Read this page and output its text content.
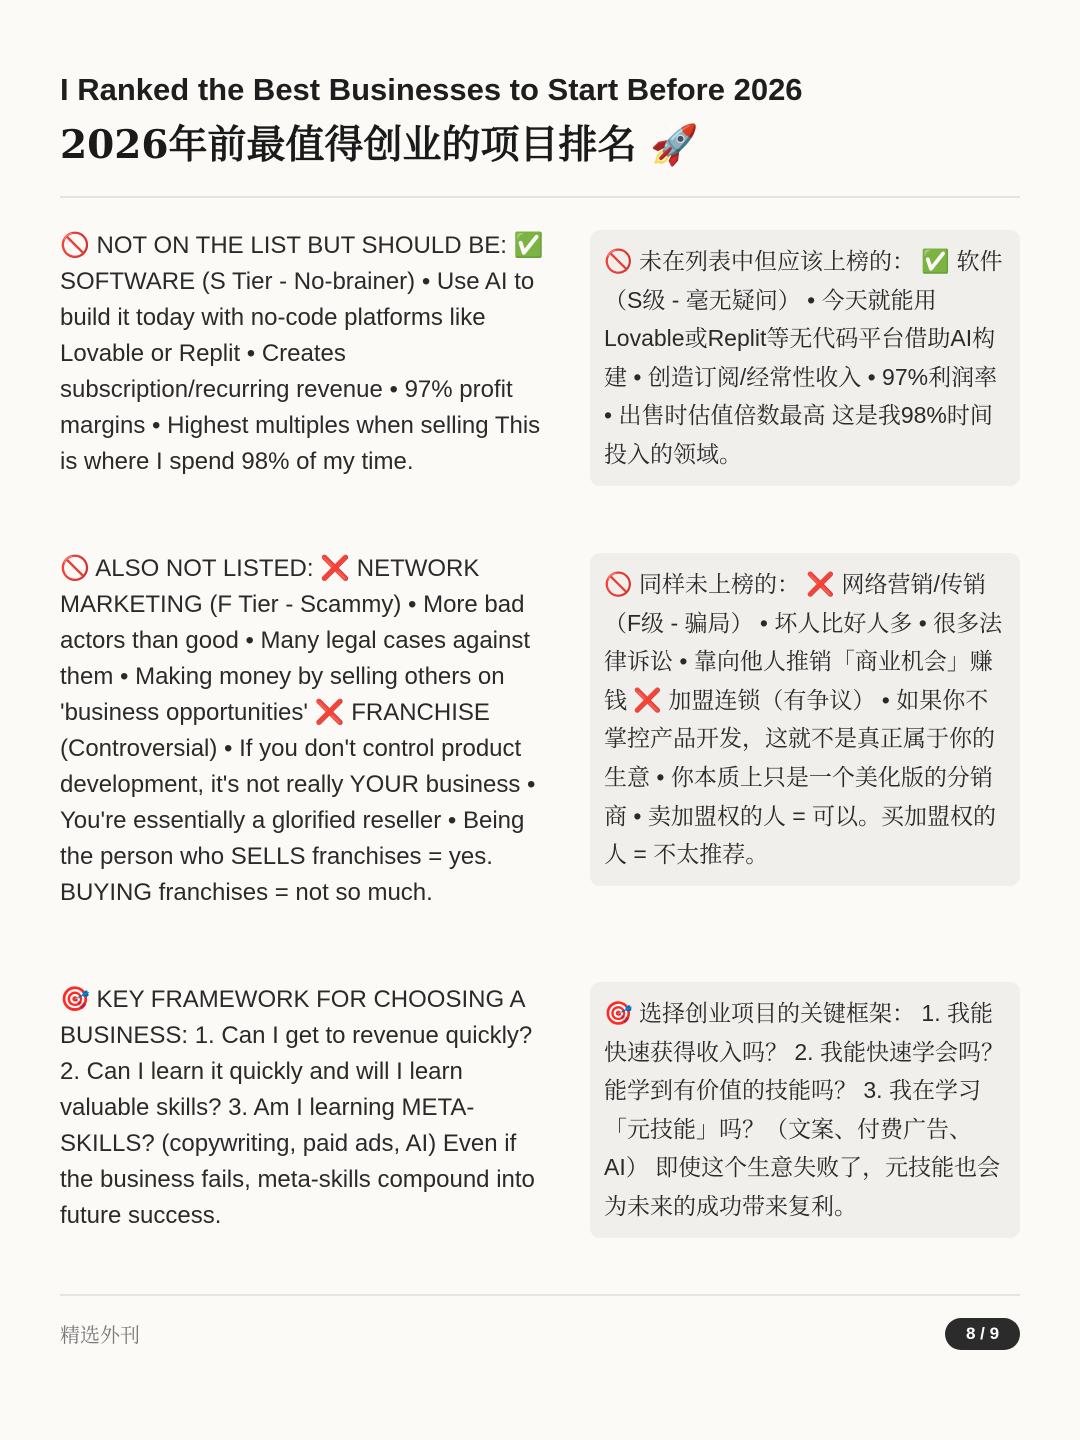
I Ranked the Best Businesses to Start Before 2026
2026年前最值得创业的项目排名 🚀
🚫 NOT ON THE LIST BUT SHOULD BE: ✅ SOFTWARE (S Tier - No-brainer) • Use AI to build it today with no-code platforms like Lovable or Replit • Creates subscription/recurring revenue • 97% profit margins • Highest multiples when selling This is where I spend 98% of my time.
🚫 未在列表中但应该上榜的： ✅ 软件（S级 - 毫无疑问） • 今天就能用Lovable或Replit等无代码平台借助AI构建 • 创造订阅/经常性收入 • 97%利润率 • 出售时估值倍数最高 这是我98%时间投入的领域。
🚫 ALSO NOT LISTED: ❌ NETWORK MARKETING (F Tier - Scammy) • More bad actors than good • Many legal cases against them • Making money by selling others on 'business opportunities' ❌ FRANCHISE (Controversial) • If you don't control product development, it's not really YOUR business • You're essentially a glorified reseller • Being the person who SELLS franchises = yes. BUYING franchises = not so much.
🚫 同样未上榜的： ❌ 网络营销/传销（F级 - 骗局） • 坏人比好人多 • 很多法律诉讼 • 靠向他人推销「商业机会」赚钱 ❌ 加盟连锁（有争议） • 如果你不掌控产品开发，这就不是真正属于你的生意 • 你本质上只是一个美化版的分销商 • 卖加盟权的人 = 可以。买加盟权的人 = 不太推荐。
🎯 KEY FRAMEWORK FOR CHOOSING A BUSINESS: 1. Can I get to revenue quickly? 2. Can I learn it quickly and will I learn valuable skills? 3. Am I learning META-SKILLS? (copywriting, paid ads, AI) Even if the business fails, meta-skills compound into future success.
🎯 选择创业项目的关键框架： 1. 我能快速获得收入吗？ 2. 我能快速学会吗？能学到有价值的技能吗？ 3. 我在学习「元技能」吗？（文案、付费广告、AI） 即使这个生意失败了，元技能也会为未来的成功带来复利。
精选外刊	8 / 9
